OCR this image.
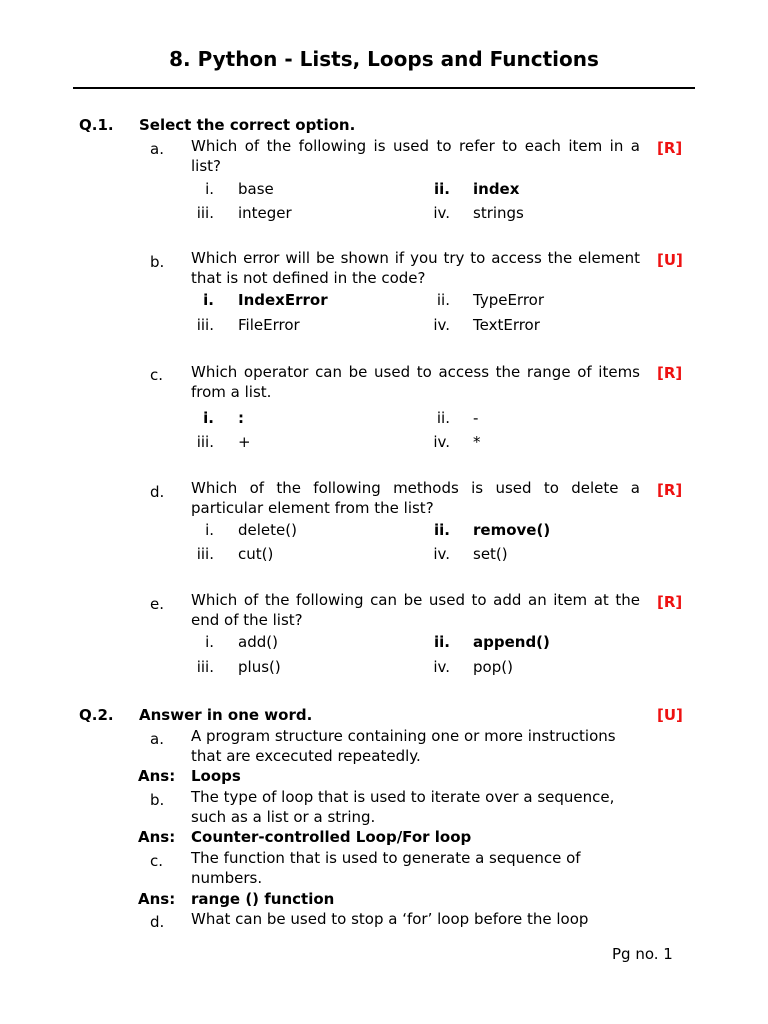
8. Python - Lists, Loops and Functions
Q.1. Select the correct option.
a. Which of the following is used to refer to each item in a list?
[R]
i. base	ii. index
iii. integer	iv. strings
b. Which error will be shown if you try to access the element that is not defined in the code?
[U]
i. IndexError	ii. TypeError
iii. FileError	iv. TextError
c. Which operator can be used to access the range of items from a list.
[R]
i. :	ii. -
iii. +	iv. *
d. Which of the following methods is used to delete a particular element from the list?
[R]
i. delete()	ii. remove()
iii. cut()	iv. set()
e. Which of the following can be used to add an item at the end of the list?
[R]
i. add()	ii. append()
iii. plus()	iv. pop()
Q.2. Answer in one word.	[U]
a. A program structure containing one or more instructions that are excecuted repeatedly.
Ans: Loops
b. The type of loop that is used to iterate over a sequence, such as a list or a string.
Ans: Counter-controlled Loop/For loop
c. The function that is used to generate a sequence of numbers.
Ans: range () function
d. What can be used to stop a ‘for’ loop before the loop
Pg no. 1
